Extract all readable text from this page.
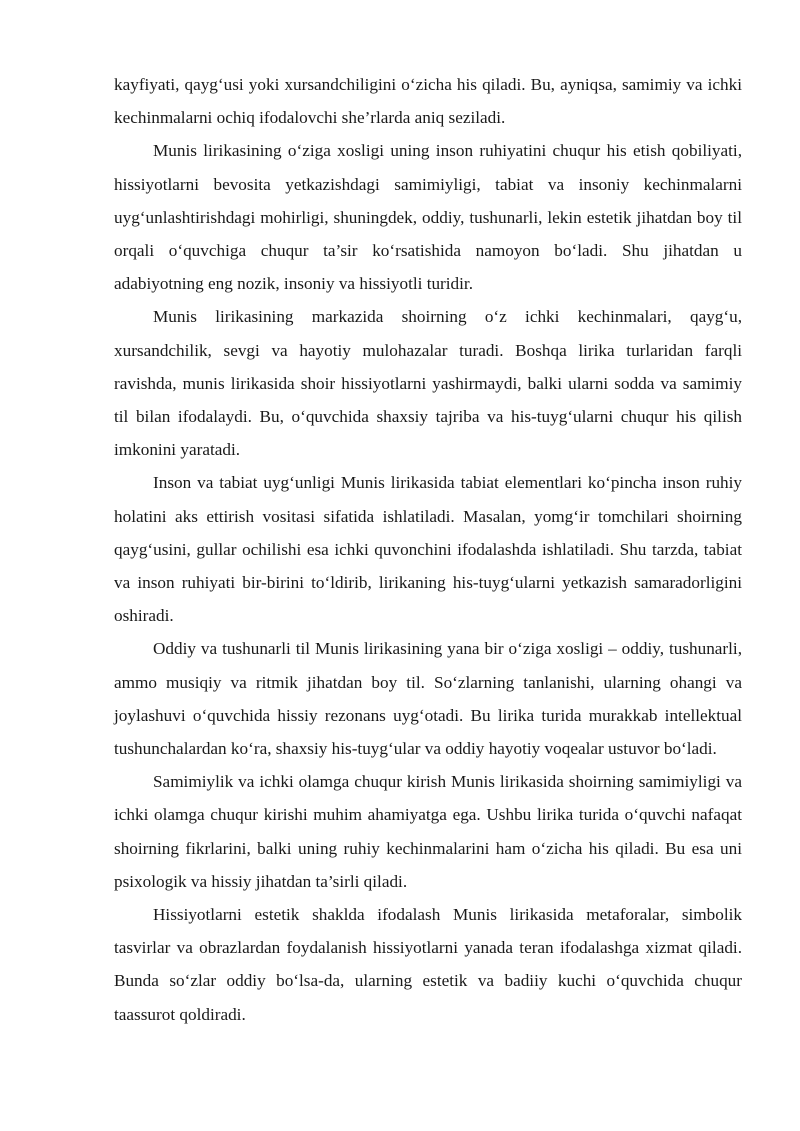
kayfiyati, qayg‘usi yoki xursandchiligini o‘zicha his qiladi. Bu, ayniqsa, samimiy va ichki kechinmalarni ochiq ifodalovchi she’rlarda aniq seziladi.

Munis lirikasining o‘ziga xosligi uning inson ruhiyatini chuqur his etish qobiliyati, hissiyotlarni bevosita yetkazishdagi samimiyligi, tabiat va insoniy kechinmalarni uyg‘unlashtirishdagi mohirligi, shuningdek, oddiy, tushunarli, lekin estetik jihatdan boy til orqali o‘quvchiga chuqur ta’sir ko‘rsatishida namoyon bo‘ladi. Shu jihatdan u adabiyotning eng nozik, insoniy va hissiyotli turidir.

Munis lirikasining markazida shoirning o‘z ichki kechinmalari, qayg‘u, xursandchilik, sevgi va hayotiy mulohazalar turadi. Boshqa lirika turlaridan farqli ravishda, munis lirikasida shoir hissiyotlarni yashirmaydi, balki ularni sodda va samimiy til bilan ifodalaydi. Bu, o‘quvchida shaxsiy tajriba va his-tuyg‘ularni chuqur his qilish imkonini yaratadi.

Inson va tabiat uyg‘unligi Munis lirikasida tabiat elementlari ko‘pincha inson ruhiy holatini aks ettirish vositasi sifatida ishlatiladi. Masalan, yomg‘ir tomchilari shoirning qayg‘usini, gullar ochilishi esa ichki quvonchini ifodalashda ishlatiladi. Shu tarzda, tabiat va inson ruhiyati bir-birini to‘ldirib, lirikaning his-tuyg‘ularni yetkazish samaradorligini oshiradi.

Oddiy va tushunarli til Munis lirikasining yana bir o‘ziga xosligi – oddiy, tushunarli, ammo musiqiy va ritmik jihatdan boy til. So‘zlarning tanlanishi, ularning ohangi va joylashuvi o‘quvchida hissiy rezonans uyg‘otadi. Bu lirika turida murakkab intellektual tushunchalardan ko‘ra, shaxsiy his-tuyg‘ular va oddiy hayotiy voqealar ustuvor bo‘ladi.

Samimiylik va ichki olamga chuqur kirish Munis lirikasida shoirning samimiyligi va ichki olamga chuqur kirishi muhim ahamiyatga ega. Ushbu lirika turida o‘quvchi nafaqat shoirning fikrlarini, balki uning ruhiy kechinmalarini ham o‘zicha his qiladi. Bu esa uni psixologik va hissiy jihatdan ta’sirli qiladi.

Hissiyotlarni estetik shaklda ifodalash Munis lirikasida metaforalar, simbolik tasvirlar va obrazlardan foydalanish hissiyotlarni yanada teran ifodalashga xizmat qiladi. Bunda so‘zlar oddiy bo‘lsa-da, ularning estetik va badiiy kuchi o‘quvchida chuqur taassurot qoldiradi.
